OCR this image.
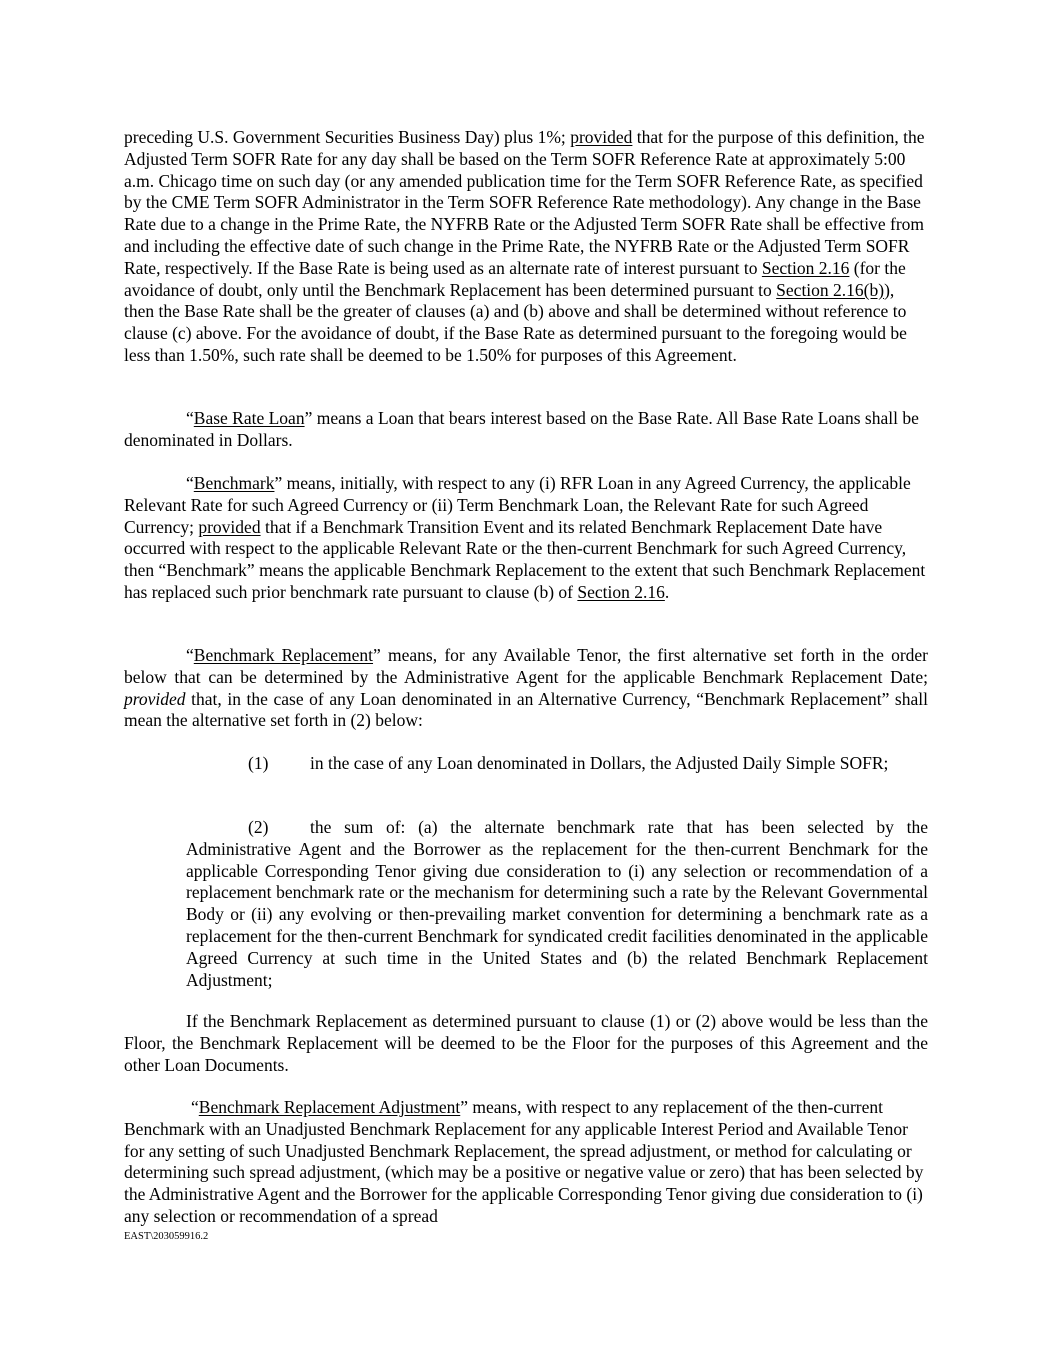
preceding U.S. Government Securities Business Day) plus 1%; provided that for the purpose of this definition, the Adjusted Term SOFR Rate for any day shall be based on the Term SOFR Reference Rate at approximately 5:00 a.m. Chicago time on such day (or any amended publication time for the Term SOFR Reference Rate, as specified by the CME Term SOFR Administrator in the Term SOFR Reference Rate methodology). Any change in the Base Rate due to a change in the Prime Rate, the NYFRB Rate or the Adjusted Term SOFR Rate shall be effective from and including the effective date of such change in the Prime Rate, the NYFRB Rate or the Adjusted Term SOFR Rate, respectively. If the Base Rate is being used as an alternate rate of interest pursuant to Section 2.16 (for the avoidance of doubt, only until the Benchmark Replacement has been determined pursuant to Section 2.16(b)), then the Base Rate shall be the greater of clauses (a) and (b) above and shall be determined without reference to clause (c) above. For the avoidance of doubt, if the Base Rate as determined pursuant to the foregoing would be less than 1.50%, such rate shall be deemed to be 1.50% for purposes of this Agreement.

“Base Rate Loan” means a Loan that bears interest based on the Base Rate. All Base Rate Loans shall be denominated in Dollars.

“Benchmark” means, initially, with respect to any (i) RFR Loan in any Agreed Currency, the applicable Relevant Rate for such Agreed Currency or (ii) Term Benchmark Loan, the Relevant Rate for such Agreed Currency; provided that if a Benchmark Transition Event and its related Benchmark Replacement Date have occurred with respect to the applicable Relevant Rate or the then-current Benchmark for such Agreed Currency, then “Benchmark” means the applicable Benchmark Replacement to the extent that such Benchmark Replacement has replaced such prior benchmark rate pursuant to clause (b) of Section 2.16.

“Benchmark Replacement” means, for any Available Tenor, the first alternative set forth in the order below that can be determined by the Administrative Agent for the applicable Benchmark Replacement Date; provided that, in the case of any Loan denominated in an Alternative Currency, “Benchmark Replacement” shall mean the alternative set forth in (2) below:

(1) in the case of any Loan denominated in Dollars, the Adjusted Daily Simple SOFR;

(2) the sum of: (a) the alternate benchmark rate that has been selected by the Administrative Agent and the Borrower as the replacement for the then-current Benchmark for the applicable Corresponding Tenor giving due consideration to (i) any selection or recommendation of a replacement benchmark rate or the mechanism for determining such a rate by the Relevant Governmental Body or (ii) any evolving or then-prevailing market convention for determining a benchmark rate as a replacement for the then-current Benchmark for syndicated credit facilities denominated in the applicable Agreed Currency at such time in the United States and (b) the related Benchmark Replacement Adjustment;

If the Benchmark Replacement as determined pursuant to clause (1) or (2) above would be less than the Floor, the Benchmark Replacement will be deemed to be the Floor for the purposes of this Agreement and the other Loan Documents.

“Benchmark Replacement Adjustment” means, with respect to any replacement of the then-current Benchmark with an Unadjusted Benchmark Replacement for any applicable Interest Period and Available Tenor for any setting of such Unadjusted Benchmark Replacement, the spread adjustment, or method for calculating or determining such spread adjustment, (which may be a positive or negative value or zero) that has been selected by the Administrative Agent and the Borrower for the applicable Corresponding Tenor giving due consideration to (i) any selection or recommendation of a spread

EAST\203059916.2
